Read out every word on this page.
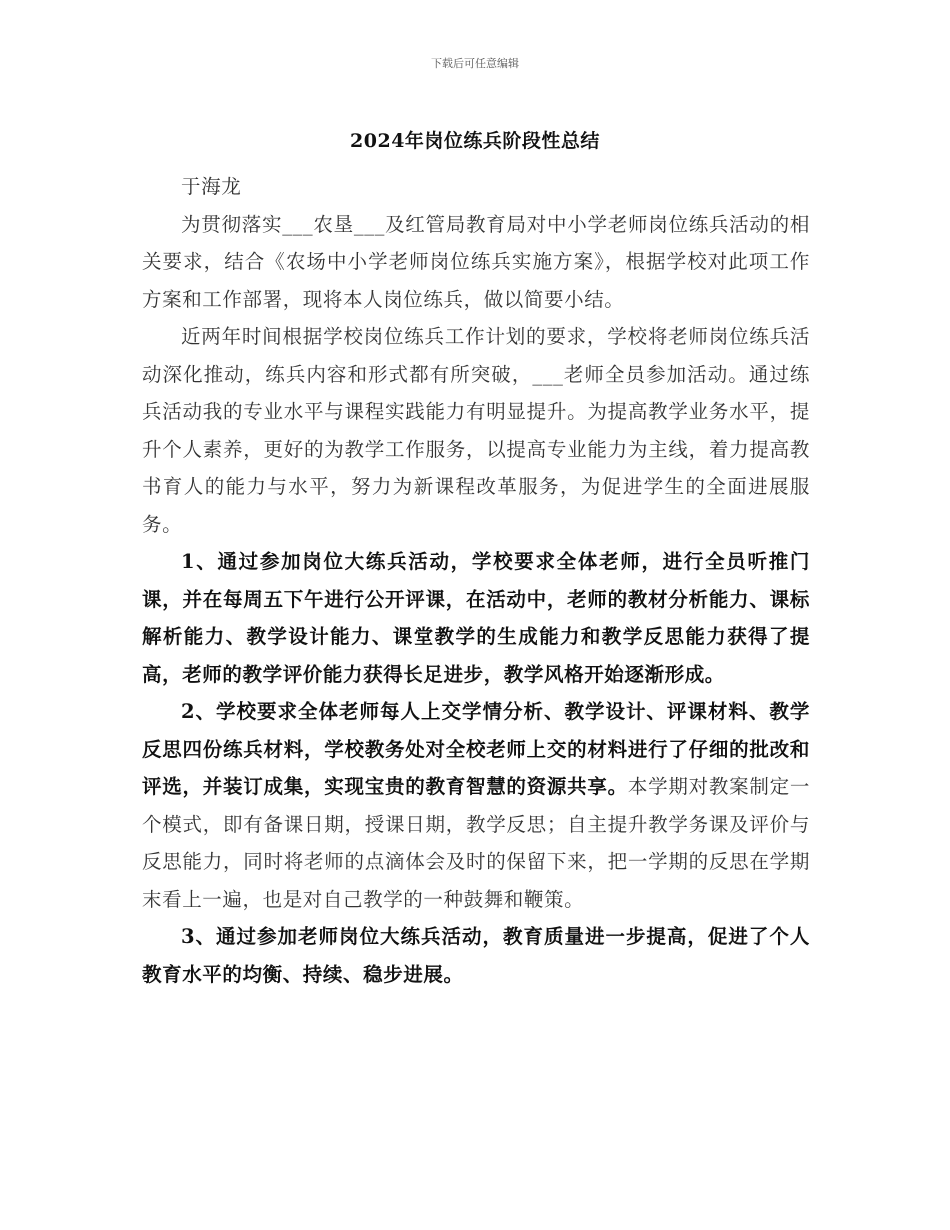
下载后可任意编辑
2024年岗位练兵阶段性总结

于海龙

为贯彻落实___农垦___及红管局教育局对中小学老师岗位练兵活动的相关要求，结合《农场中小学老师岗位练兵实施方案》，根据学校对此项工作方案和工作部署，现将本人岗位练兵，做以简要小结。

近两年时间根据学校岗位练兵工作计划的要求，学校将老师岗位练兵活动深化推动，练兵内容和形式都有所突破，___老师全员参加活动。通过练兵活动我的专业水平与课程实践能力有明显提升。为提高教学业务水平，提升个人素养，更好的为教学工作服务，以提高专业能力为主线，着力提高教书育人的能力与水平，努力为新课程改革服务，为促进学生的全面进展服务。

1、通过参加岗位大练兵活动，学校要求全体老师，进行全员听推门课，并在每周五下午进行公开评课，在活动中，老师的教材分析能力、课标解析能力、教学设计能力、课堂教学的生成能力和教学反思能力获得了提高，老师的教学评价能力获得长足进步，教学风格开始逐渐形成。

2、学校要求全体老师每人上交学情分析、教学设计、评课材料、教学反思四份练兵材料，学校教务处对全校老师上交的材料进行了仔细的批改和评选，并装订成集，实现宝贵的教育智慧的资源共享。本学期对教案制定一个模式，即有备课日期，授课日期，教学反思；自主提升教学务课及评价与反思能力，同时将老师的点滴体会及时的保留下来，把一学期的反思在学期末看上一遍，也是对自己教学的一种鼓舞和鞭策。

3、通过参加老师岗位大练兵活动，教育质量进一步提高，促进了个人教育水平的均衡、持续、稳步进展。
